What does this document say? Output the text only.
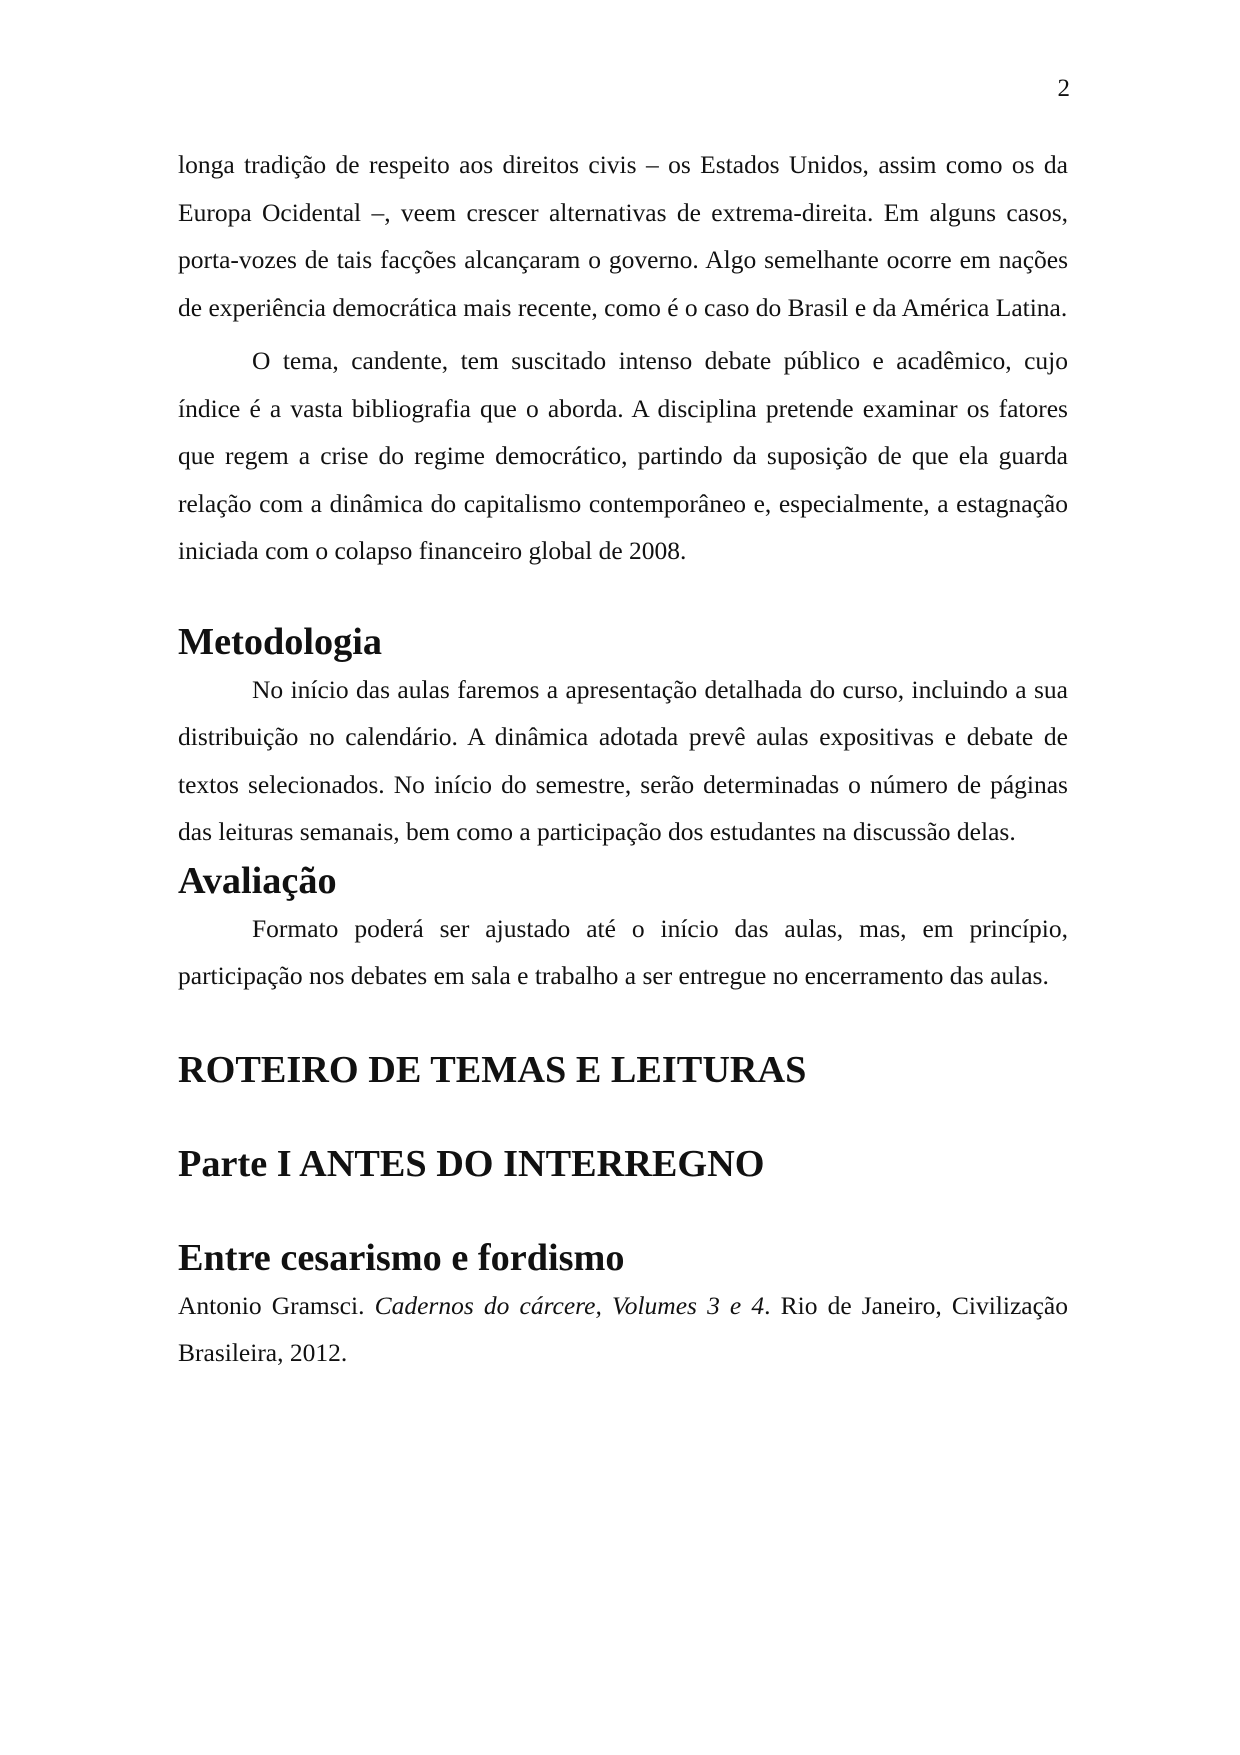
2

longa tradição de respeito aos direitos civis – os Estados Unidos, assim como os da Europa Ocidental –, veem crescer alternativas de extrema-direita. Em alguns casos, porta-vozes de tais facções alcançaram o governo. Algo semelhante ocorre em nações de experiência democrática mais recente, como é o caso do Brasil e da América Latina.

O tema, candente, tem suscitado intenso debate público e acadêmico, cujo índice é a vasta bibliografia que o aborda. A disciplina pretende examinar os fatores que regem a crise do regime democrático, partindo da suposição de que ela guarda relação com a dinâmica do capitalismo contemporâneo e, especialmente, a estagnação iniciada com o colapso financeiro global de 2008.

Metodologia

No início das aulas faremos a apresentação detalhada do curso, incluindo a sua distribuição no calendário. A dinâmica adotada prevê aulas expositivas e debate de textos selecionados. No início do semestre, serão determinadas o número de páginas das leituras semanais, bem como a participação dos estudantes na discussão delas.

Avaliação

Formato poderá ser ajustado até o início das aulas, mas, em princípio, participação nos debates em sala e trabalho a ser entregue no encerramento das aulas.

ROTEIRO DE TEMAS E LEITURAS
Parte I ANTES DO INTERREGNO
Entre cesarismo e fordismo

Antonio Gramsci. Cadernos do cárcere, Volumes 3 e 4. Rio de Janeiro, Civilização Brasileira, 2012.
